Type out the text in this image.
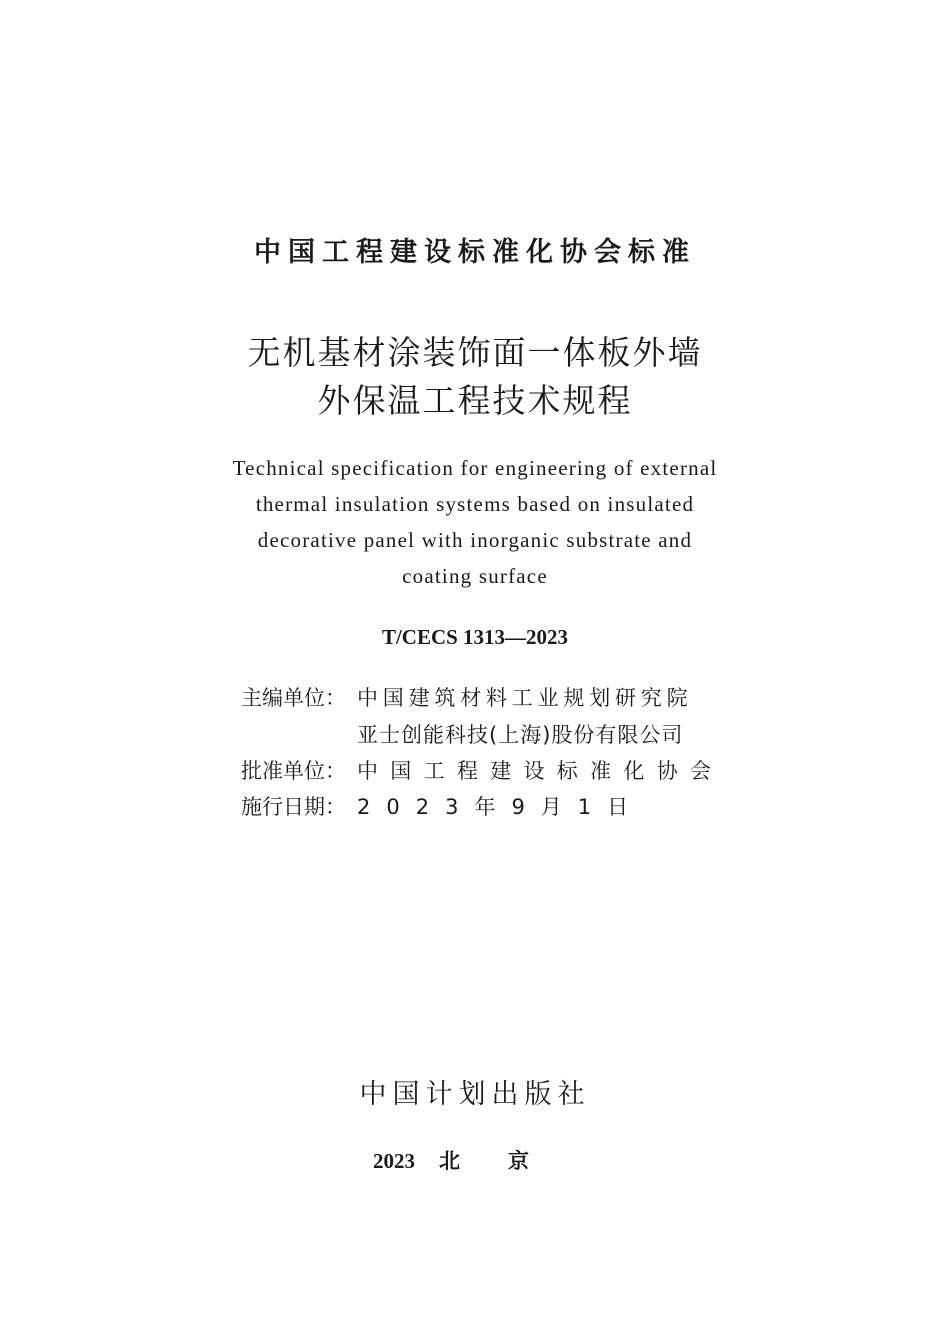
中国工程建设标准化协会标准
无机基材涂装饰面一体板外墙
外保温工程技术规程
Technical specification for engineering of external
thermal insulation systems based on insulated
decorative panel with inorganic substrate and
coating surface
T/CECS 1313—2023
主编单位： 中国建筑材料工业规划研究院
亚士创能科技(上海)股份有限公司
批准单位： 中国工程建设标准化协会
施行日期： 2023年9月1日
中国计划出版社
2023 北京
